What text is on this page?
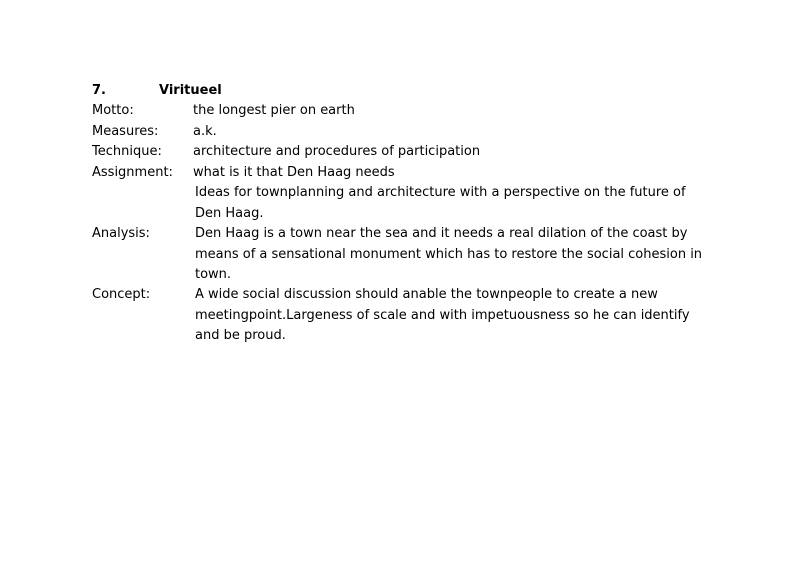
7.	Viritueel
Motto:	the longest pier on earth
Measures:	a.k.
Technique: architecture and procedures of participation
Assignment: what is it that Den Haag needs
Ideas for townplanning and architecture with a perspective on the future of Den Haag.
Analysis:	Den Haag is a town near the sea and it needs a real dilation of the coast by means of a sensational monument which has to restore the social cohesion in town.
Concept:	A wide social discussion should anable the townpeople to create a new meetingpoint.Largeness of scale and with impetuousness so he can identify and be proud.
